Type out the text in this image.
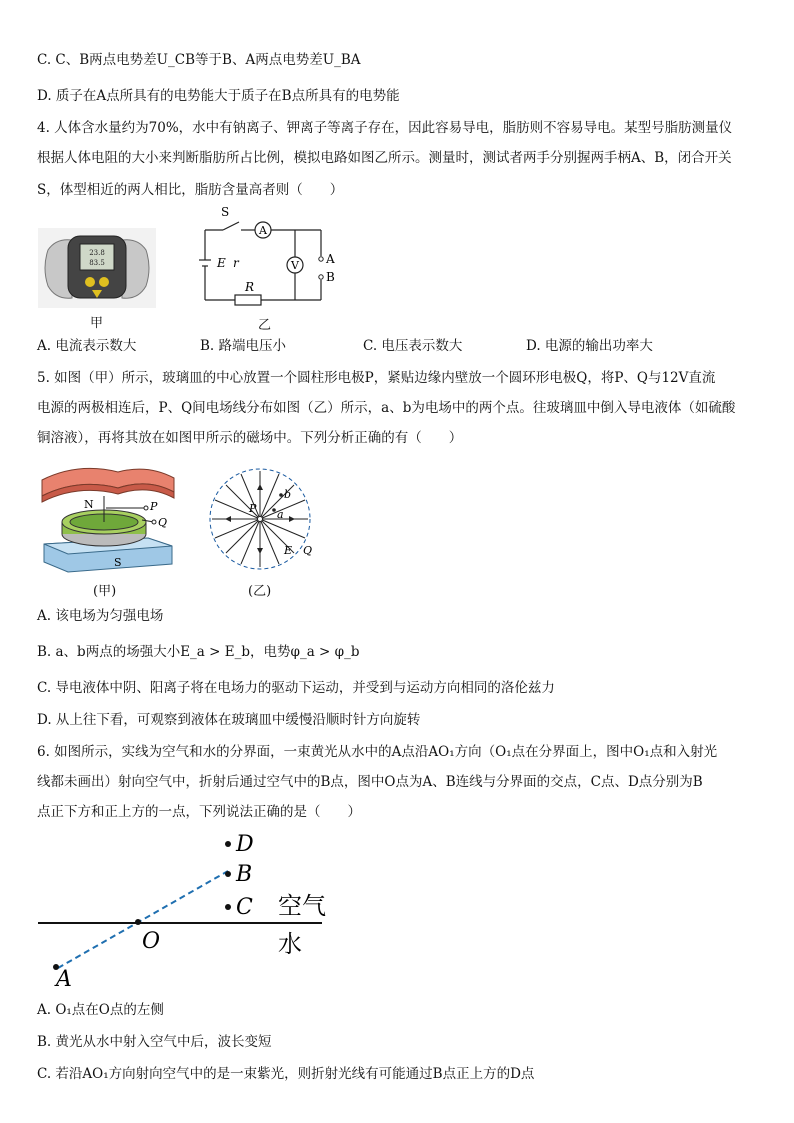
C. C、B两点电势差U_CB等于B、A两点电势差U_BA
D. 质子在A点所具有的电势能大于质子在B点所具有的电势能
4. 人体含水量约为70%，水中有钠离子、钾离子等离子存在，因此容易导电，脂肪则不容易导电。某型号脂肪测量仪
根据人体电阻的大小来判断脂肪所占比例，模拟电路如图乙所示。测量时，测试者两手分别握两手柄A、B，闭合开关
S，体型相近的两人相比，脂肪含量高者则（　　）
23.8
83.5
甲
S
A
V
E r
R
A
B
乙
A. 电流表示数大	B. 路端电压小	C. 电压表示数大	D. 电源的输出功率大
5. 如图（甲）所示，玻璃皿的中心放置一个圆柱形电极P，紧贴边缘内壁放一个圆环形电极Q，将P、Q与12V直流
电源的两极相连后，P、Q间电场线分布如图（乙）所示，a、b为电场中的两个点。往玻璃皿中倒入导电液体（如硫酸
铜溶液），再将其放在如图甲所示的磁场中。下列分析正确的有（　　）
N
S
P
Q
(甲)
P a
b
E Q
(乙)
A. 该电场为匀强电场
B. a、b两点的场强大小E_a > E_b，电势φ_a > φ_b
C. 导电液体中阴、阳离子将在电场力的驱动下运动，并受到与运动方向相同的洛伦兹力
D. 从上往下看，可观察到液体在玻璃皿中缓慢沿顺时针方向旋转
6. 如图所示，实线为空气和水的分界面，一束黄光从水中的A点沿AO₁方向（O₁点在分界面上，图中O₁点和入射光
线都未画出）射向空气中，折射后通过空气中的B点，图中O点为A、B连线与分界面的交点，C点、D点分别为B
点正下方和正上方的一点，下列说法正确的是（　　）
D
B
C
O
A
空气
水
A. O₁点在O点的左侧
B. 黄光从水中射入空气中后，波长变短
C. 若沿AO₁方向射向空气中的是一束紫光，则折射光线有可能通过B点正上方的D点
